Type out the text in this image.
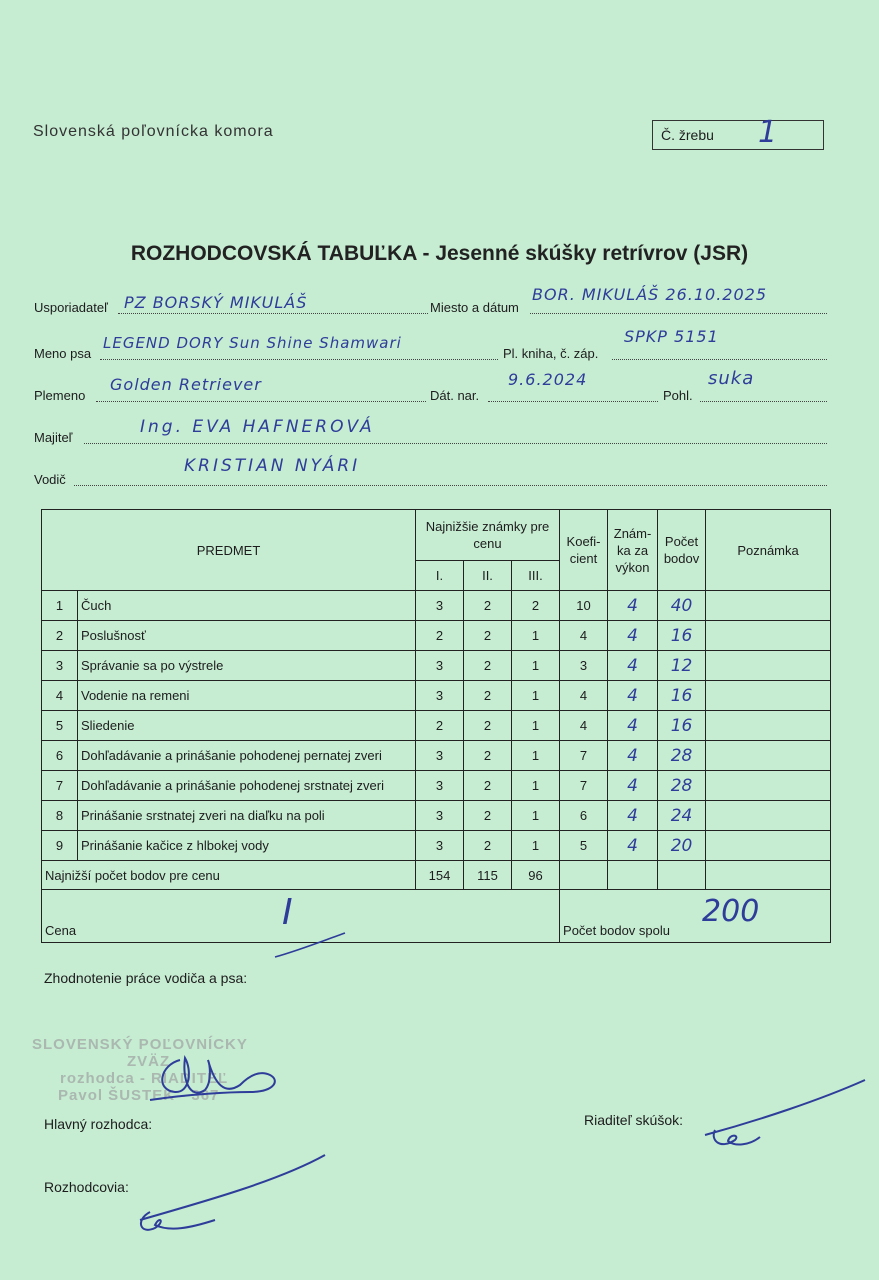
Slovenská poľovnícka komora	Č. žrebu 1
ROZHODCOVSKÁ TABUĽKA - Jesenné skúšky retrívrov (JSR)
Usporiadateľ PZ BORSKÝ MIKULÁŠ	Miesto a dátum
BOR. MIKULÁŠ 26.10.2025
Meno psa
LEGEND DORY Sun Shine Shamwari
Pl. kniha, č. záp.
SPKP 5151
Plemeno
Golden Retriever
Dát. nar.
9.6.2024
Pohl.
suka
Majiteľ
Ing. EVA HAFNEROVÁ
Vodič
KRISTIAN NYÁRI
PREDMET		Najnižšie známky pre cenu			Koefi-cient	Znám-ka za výkon	Počet bodov	Poznámka
		I.	II.	III.				
1	Čuch	3	2	2	10	4	40	
2	Poslušnosť	2	2	1	4	4	16	
3	Správanie sa po výstrele	3	2	1	3	4	12	
4	Vodenie na remeni	3	2	1	4	4	16	
5	Sliedenie	2	2	1	4	4	16	
6	Dohľadávanie a prinášanie pohodenej pernatej zveri	3	2	1	7	4	28	
7	Dohľadávanie a prinášanie pohodenej srstnatej zveri	3	2	1	7	4	28	
8	Prinášanie srstnatej zveri na diaľku na poli	3	2	1	6	4	24	
9	Prinášanie kačice z hlbokej vody	3	2	1	5	4	20	
Najnižší počet bodov pre cenu		154	115	96				
Cena I					Počet bodov spolu
200			
Zhodnotenie práce vodiča a psa:
SLOVENSKÝ POĽOVNÍCKY
ZVÄZ
rozhodca - RIADITEĽ
Pavol ŠUSTEK - 367
Hlavný rozhodca:	Riaditeľ skúšok:
Rozhodcovia:
